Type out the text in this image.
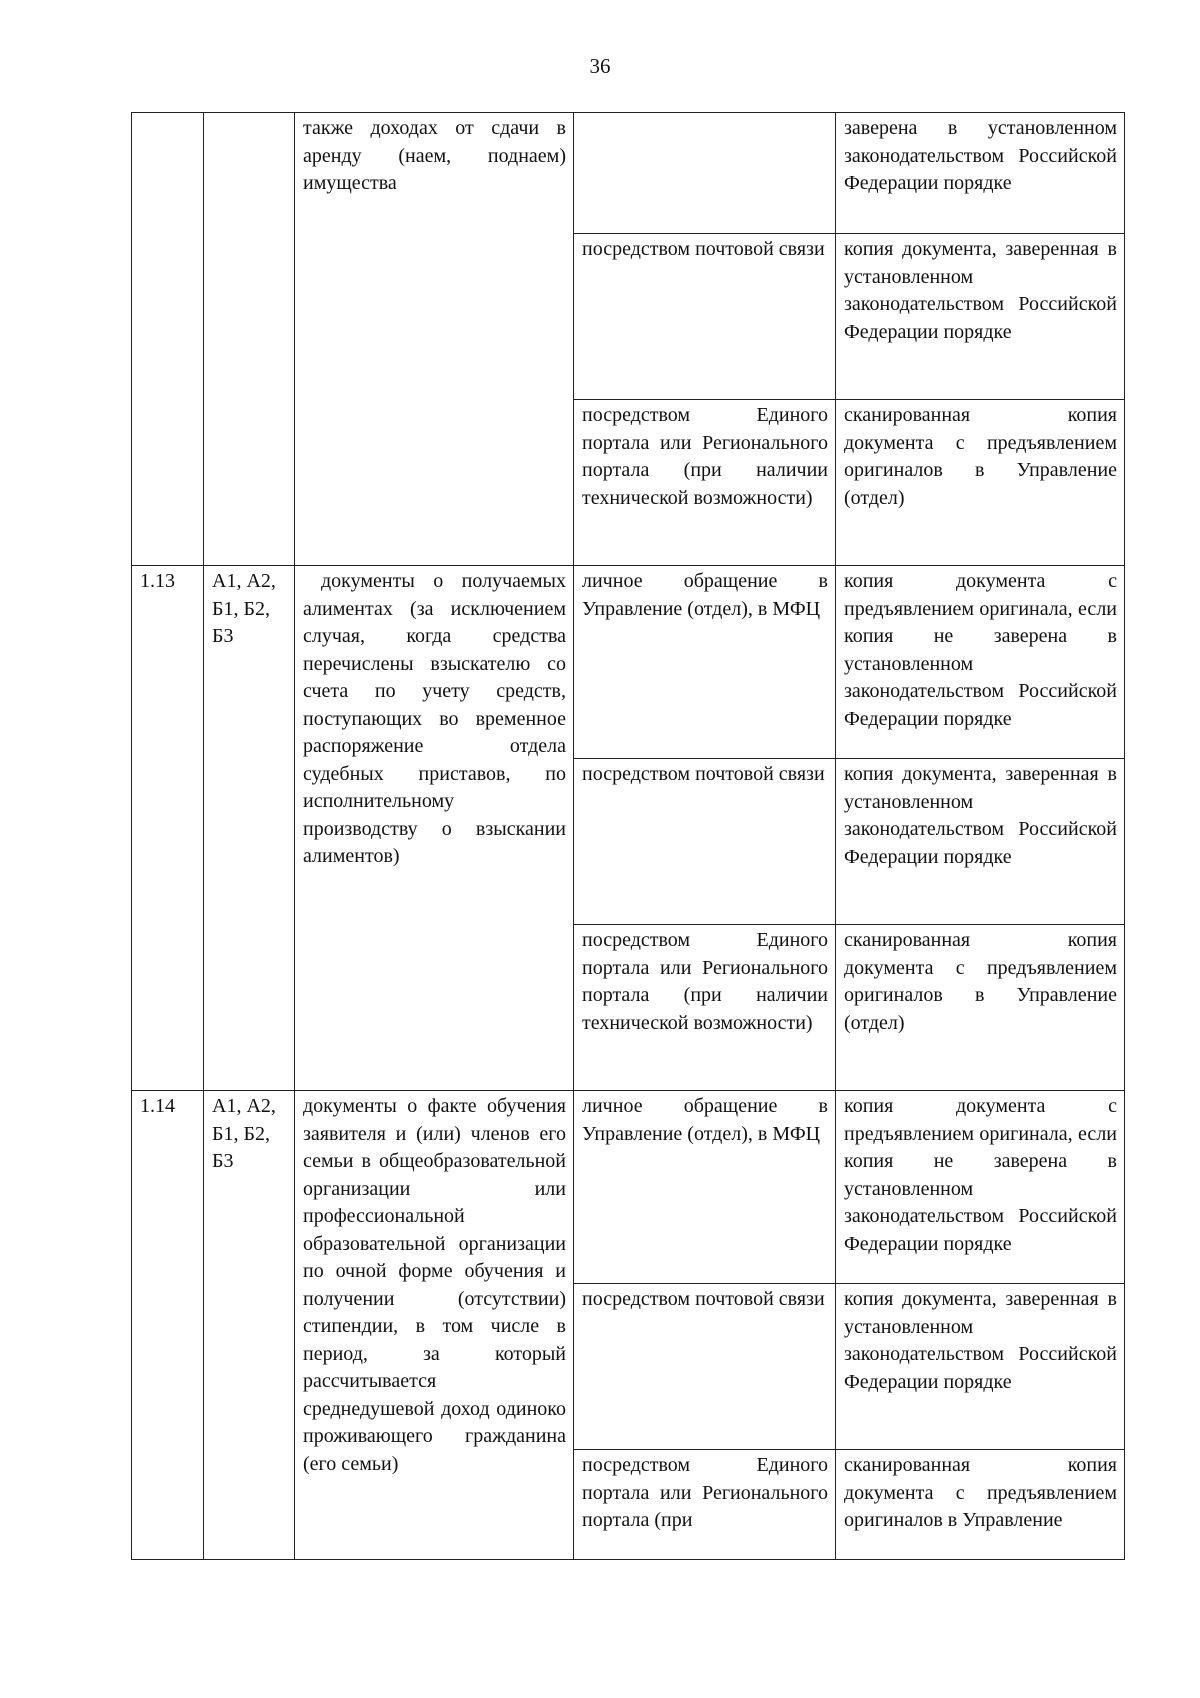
36

		также доходах от сдачи в аренду (наем, поднаем) имущества		заверена в установленном законодательством Российской Федерации порядке

			посредством почтовой связи	копия документа, заверенная в установленном законодательством Российской Федерации порядке

			посредством Единого портала или Регионального портала (при наличии технической возможности)	сканированная копия документа с предъявлением оригиналов в Управление (отдел)

1.13	А1, А2, Б1, Б2, Б3	документы о получаемых алиментах (за исключением случая, когда средства перечислены взыскателю со счета по учету средств, поступающих во временное распоряжение отдела судебных приставов, по исполнительному производству о взыскании алиментов)	личное обращение в Управление (отдел), в МФЦ	копия документа с предъявлением оригинала, если копия не заверена в установленном законодательством Российской Федерации порядке

			посредством почтовой связи	копия документа, заверенная в установленном законодательством Российской Федерации порядке

			посредством Единого портала или Регионального портала (при наличии технической возможности)	сканированная копия документа с предъявлением оригиналов в Управление (отдел)

1.14	А1, А2, Б1, Б2, Б3	документы о факте обучения заявителя и (или) членов его семьи в общеобразовательной организации или профессиональной образовательной организации по очной форме обучения и получении (отсутствии) стипендии, в том числе в период, за который рассчитывается среднедушевой доход одиноко проживающего гражданина (его семьи)	личное обращение в Управление (отдел), в МФЦ	копия документа с предъявлением оригинала, если копия не заверена в установленном законодательством Российской Федерации порядке

			посредством почтовой связи	копия документа, заверенная в установленном законодательством Российской Федерации порядке

			посредством Единого портала или Регионального портала (при	сканированная копия документа с предъявлением оригиналов в Управление
